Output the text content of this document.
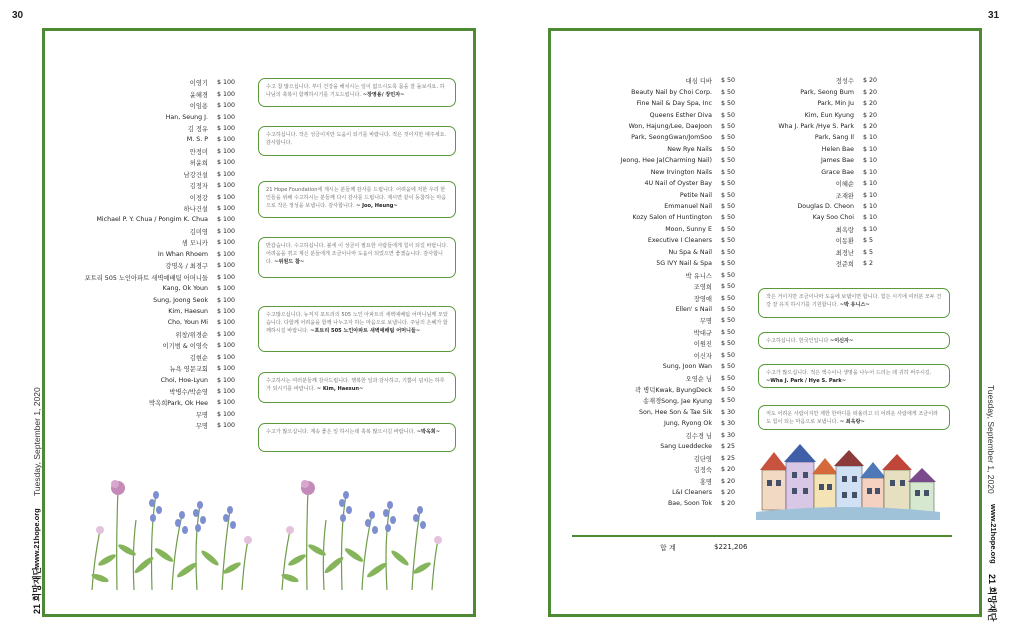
30	31
Tuesday, September 1, 2020
www.21hope.org
21 희망재단
Tuesday, September 1, 2020
www.21hope.org
21 희망재단
이영기	$ 100
윤혜경	$ 100
이임용	$ 100
Han, Seung J.	$ 100
김 정유	$ 100
M. S. P	$ 100
안정미	$ 100
허윤희	$ 100
남강건설	$ 100
김정자	$ 100
이정강	$ 100
하나건설	$ 100
Michael P. Y. Chua / Pongim K. Chua	$ 100
김미영	$ 100
샘 모니카	$ 100
In Whan Rhoem	$ 100
강명옥 / 최경구	$ 100
포트리 505 노인아파트 새벽예배팀 어머니들	$ 100
Kang, Ok Youn	$ 100
Sung, Joong Seok	$ 100
Kim, Haesun	$ 100
Cho, Youn Mi	$ 100
위창/위경순	$ 100
이기범 & 이영숙	$ 100
김현순	$ 100
뉴욕 영문교회	$ 100
Choi, Hoe-Lyun	$ 100
박병수/박순영	$ 100
박옥희Park, Ok Hee	$ 100
무명	$ 100
무명	$ 100
수고 참 많으십니다. 부디 건강을 해치시는 일이 없으시도록 몸을 잘 돌보셔요. 하나님의 축복이 함께하시기를 기도드립니다. ~장영용/ 장민자~
수고하십니다. 작은 성금이지만 도움이 되기를 바랍니다. 적은 것이지만 애주세요. 감사합니다.
21 Hope Foundation에 계시는 분들께 감사를 드립니다. 어려움에 처한 우리 한인들을 위해 수고하시는 분들께 다시 감사를 드립니다. 계시면 같이 동참하는 마음으로 작은 정성을 보냅니다. 감사합니다. ~ Joo, Heung~
반갑습니다. 수고하십니다. 볼세 이 성금이 필요한 사람들에게 힘이 되길 바랍니다. 어려움을 겪고 계신 분들에게 조금이나마 도움이 되었으면 좋겠습니다. 감사합니다. ~위원드 참~
수고많으십니다. 뉴저지 포트리의 505 노인 아파트의 새벽예배팀 어머니님께 모았습니다. 다함께 어려움을 함께 나누고자 하는 마음으로 보냅니다. 주님의 은혜가 함께하시길 바랍니다. ~포트리 505 노인아파트 새벽예배팀 어머니들~
수고하시는 여러분들께 감사드립니다. 행복한 일과 감사하고, 기쁨이 넘치는 하루가 되시기를 바랍니다. ~ Kim, Haesun~
수고가 많으십니다. 계속 좋은 일 하시는데 축복 많으시길 바랍니다. ~박옥희~
대심 디바	$ 50
Beauty Nail by Choi Corp.	$ 50
Fine Nail & Day Spa, Inc	$ 50
Queens Esther Diva	$ 50
Won, Hajung/Lee, DaeJoon	$ 50
Park, SeongGwan/JomSoo	$ 50
New Rye Nails	$ 50
Jeong, Hee Ja(Charming Nail)	$ 50
New Irvington Nails	$ 50
4U Nail of Oyster Bay	$ 50
Petite Nail	$ 50
Emmanuel Nail	$ 50
Kozy Salon of Huntington	$ 50
Moon, Sunny E	$ 50
Executive I Cleaners	$ 50
Nu Spa & Nail	$ 50
5G IVY Nail & Spa	$ 50
박 유니스	$ 50
조영희	$ 50
장영애	$ 50
Ellen' s Nail	$ 50
무명	$ 50
박대규	$ 50
이원진	$ 50
이신자	$ 50
Sung, Joon Wan	$ 50
오영순 님	$ 50
곽 병덕Kwak, ByungDeck	$ 50
송재경Song, Jae Kyung	$ 50
Son, Hee Son & Tae Sik	$ 30
Jung, Ryong Ok	$ 30
김수경 님	$ 30
Sang Lueddecke	$ 25
김단영	$ 25
김정숙	$ 20
홍명	$ 20
L&I Cleaners	$ 20
Bae, Soon Tok	$ 20
정성수	$ 20
Park, Seong Bum	$ 20
Park, Min Ju	$ 20
Kim, Eun Kyung	$ 20
Wha J. Park /Hye S. Park	$ 20
Park, Sang Il	$ 10
Helen Bae	$ 10
James Bae	$ 10
Grace Bae	$ 10
이혜순	$ 10
조재완	$ 10
Douglas D. Cheon	$ 10
Kay Soo Choi	$ 10
최옥랑	$ 10
이동환	$ 5
최정난	$ 5
전준희	$ 2
작은 거이지만 조금이나마 도움에 보탬이면 합니다. 힘든 시기에 여러분 모두 건강 잘 유지 하시기를 기원합니다. ~박 유니스~
수고하십니다. 한국인입니다 ~이신자~
수고가 많으십니다. 적은 액수이나 생명을 나누어 드리는 데 귀히 써주시길. ~Wha J. Park / Hye S. Park~
저도 어려운 사람이지만 제한 한마디를 떠올리고 더 어려운 사람에게 조금이라도 힘이 되는 마음으로 보냅니다. ~ 최옥랑~
합 계	$221,206
